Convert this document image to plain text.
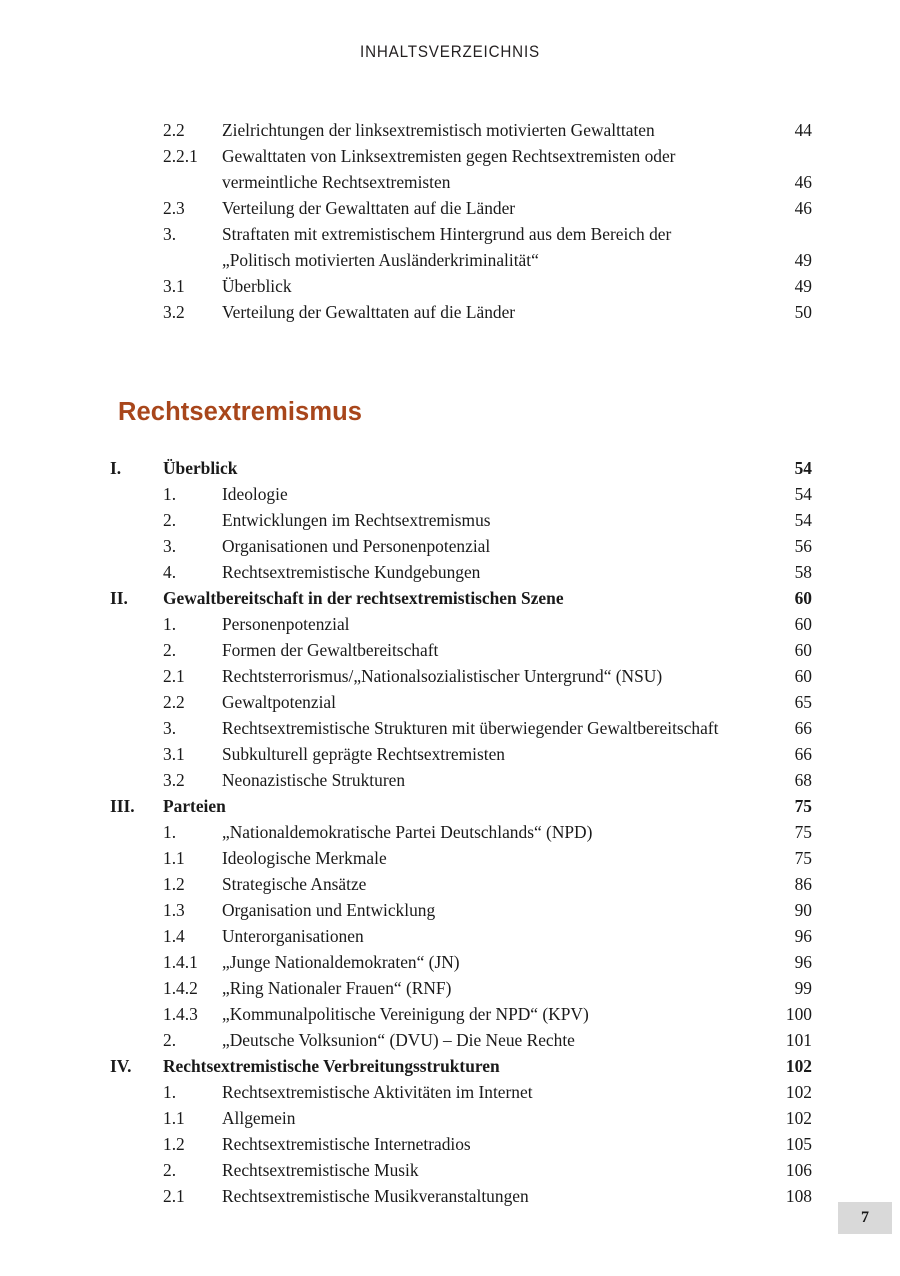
INHALTSVERZEICHNIS
2.2 Zielrichtungen der linksextremistisch motivierten Gewalttaten	44
2.2.1 Gewalttaten von Linksextremisten gegen Rechtsextremisten oder
vermeintliche Rechtsextremisten	46
2.3 Verteilung der Gewalttaten auf die Länder	46
3.	Straftaten mit extremistischem Hintergrund aus dem Bereich der
„Politisch motivierten Ausländerkriminalität“	49
3.1 Überblick	49
3.2 Verteilung der Gewalttaten auf die Länder	50
Rechtsextremismus
I. Überblick	54
1.	Ideologie	54
2.	Entwicklungen im Rechtsextremismus	54
3.	Organisationen und Personenpotenzial	56
4.	Rechtsextremistische Kundgebungen	58
II. Gewaltbereitschaft in der rechtsextremistischen Szene	60
1.	Personenpotenzial	60
2.	Formen der Gewaltbereitschaft	60
2.1 Rechtsterrorismus/„Nationalsozialistischer Untergrund“ (NSU)	60
2.2 Gewaltpotenzial	65
3.	Rechtsextremistische Strukturen mit überwiegender Gewaltbereitschaft	66
3.1 Subkulturell geprägte Rechtsextremisten	66
3.2 Neonazistische Strukturen	68
III. Parteien	75
1.	„Nationaldemokratische Partei Deutschlands“ (NPD)	75
1.1 Ideologische Merkmale	75
1.2 Strategische Ansätze	86
1.3 Organisation und Entwicklung	90
1.4 Unterorganisationen	96
1.4.1 „Junge Nationaldemokraten“ (JN)	96
1.4.2 „Ring Nationaler Frauen“ (RNF)	99
1.4.3 „Kommunalpolitische Vereinigung der NPD“ (KPV)	100
2.	„Deutsche Volksunion“ (DVU) – Die Neue Rechte	101
IV. Rechtsextremistische Verbreitungsstrukturen	102
1.	Rechtsextremistische Aktivitäten im Internet	102
1.1 Allgemein	102
1.2 Rechtsextremistische Internetradios	105
2.	Rechtsextremistische Musik	106
2.1 Rechtsextremistische Musikveranstaltungen	108
7
